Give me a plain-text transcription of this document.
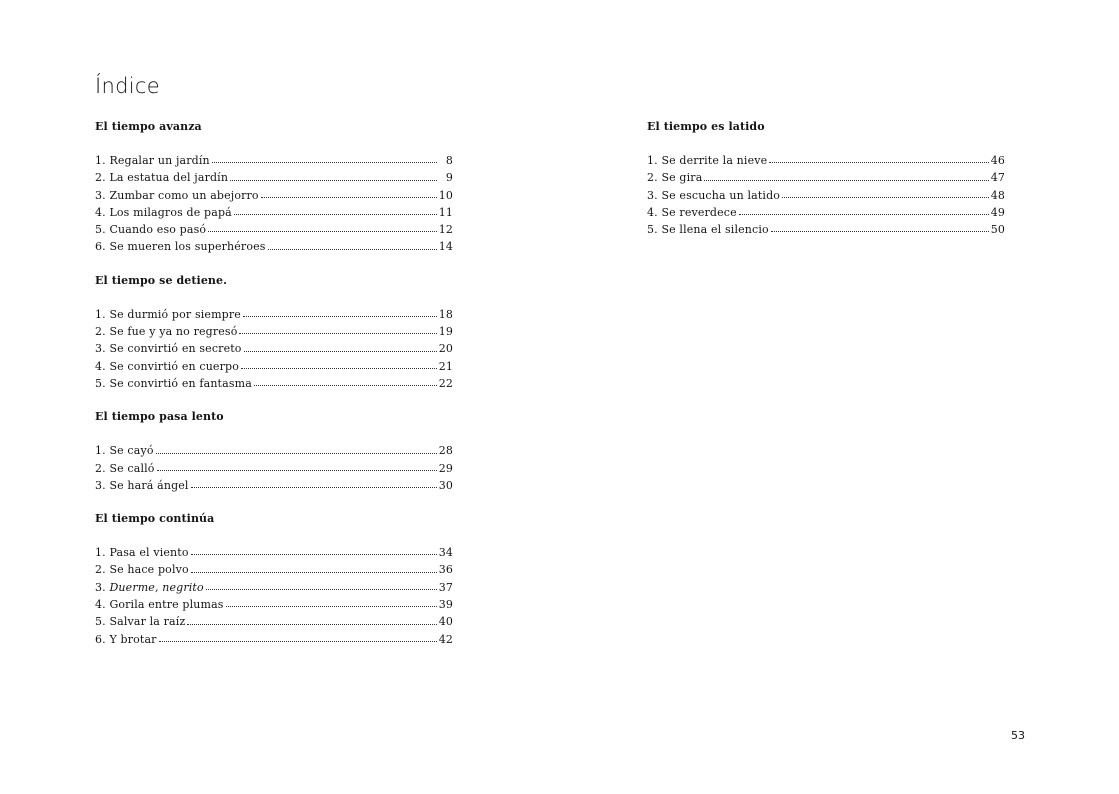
Índice
El tiempo avanza
1. Regalar un jardín	8
2. La estatua del jardín	9
3. Zumbar como un abejorro	10
4. Los milagros de papá	11
5. Cuando eso pasó	12
6. Se mueren los superhéroes	14
El tiempo se detiene.
1. Se durmió por siempre	18
2. Se fue y ya no regresó	19
3. Se convirtió en secreto	20
4. Se convirtió en cuerpo	21
5. Se convirtió en fantasma	22
El tiempo pasa lento
1. Se cayó	28
2. Se calló	29
3. Se hará ángel	30
El tiempo continúa
1. Pasa el viento	34
2. Se hace polvo	36
3. Duerme, negrito	37
4. Gorila entre plumas	39
5. Salvar la raíz	40
6. Y brotar	42
El tiempo es latido
1. Se derrite la nieve	46
2. Se gira	47
3. Se escucha un latido	48
4. Se reverdece	49
5. Se llena el silencio	50
53
